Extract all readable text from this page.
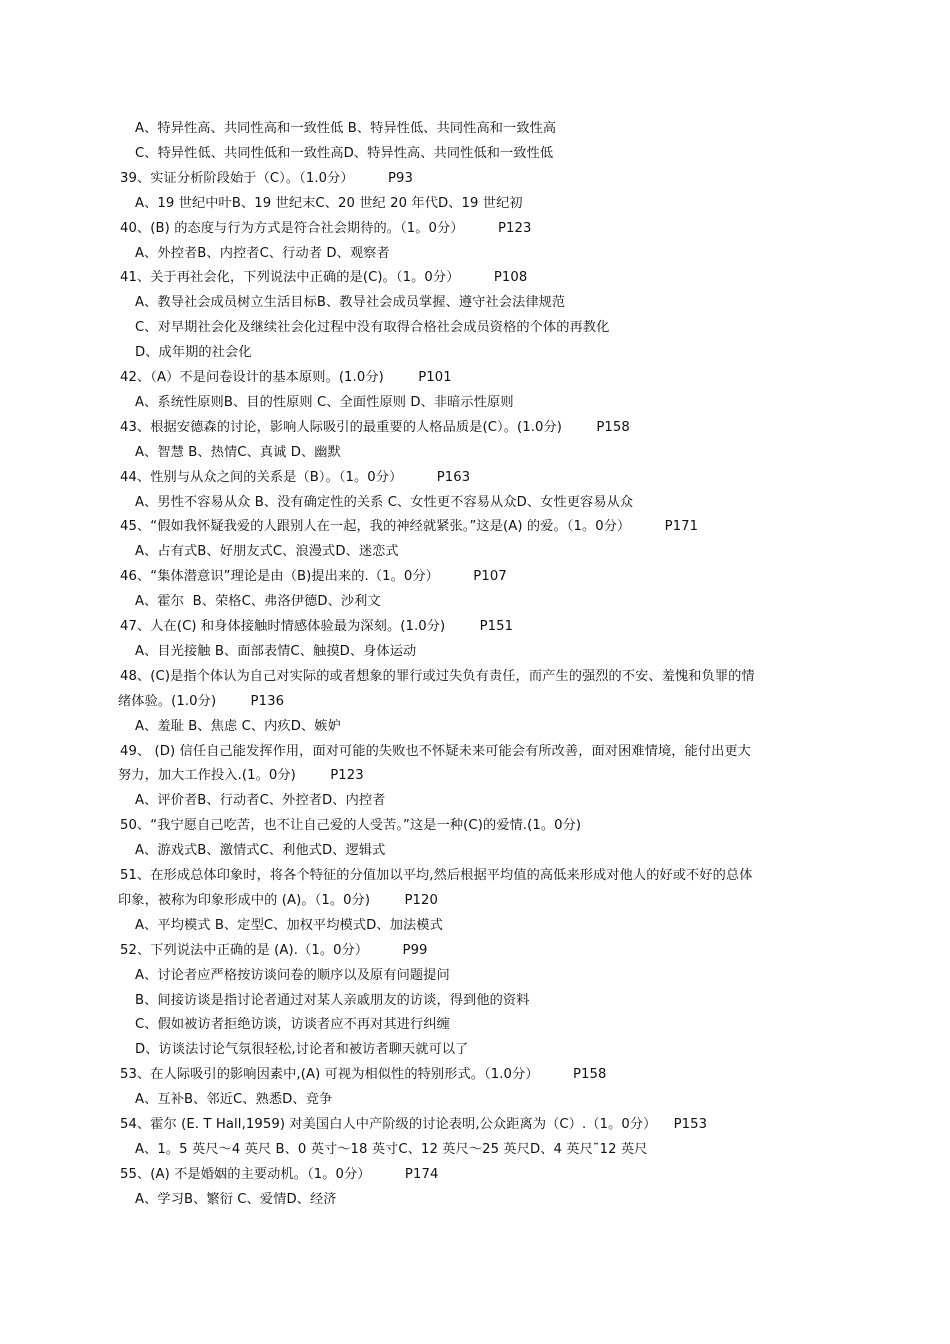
A、特异性高、共同性高和一致性低 B、特异性低、共同性高和一致性高
C、特异性低、共同性低和一致性高D、特异性高、共同性低和一致性低
39、实证分析阶段始于（C）。（1.0分）        P93
A、19 世纪中叶B、19 世纪末C、20 世纪 20 年代D、19 世纪初
40、(B) 的态度与行为方式是符合社会期待的。（1。0分）        P123
A、外控者B、内控者C、行动者 D、观察者
41、关于再社会化，下列说法中正确的是(C)。（1。0分）        P108
A、教导社会成员树立生活目标B、教导社会成员掌握、遵守社会法律规范
C、对早期社会化及继续社会化过程中没有取得合格社会成员资格的个体的再教化
D、成年期的社会化
42、（A）不是问卷设计的基本原则。(1.0分)        P101
A、系统性原则B、目的性原则 C、全面性原则 D、非暗示性原则
43、根据安德森的讨论，影响人际吸引的最重要的人格品质是(C）。(1.0分)        P158
A、智慧 B、热情C、真诚 D、幽默
44、性别与从众之间的关系是（B）。（1。0分）        P163
A、男性不容易从众 B、没有确定性的关系 C、女性更不容易从众D、女性更容易从众
45、“假如我怀疑我爱的人跟别人在一起，我的神经就紧张。”这是(A) 的爱。（1。0分）        P171
A、占有式B、好朋友式C、浪漫式D、迷恋式
46、“集体潜意识”理论是由（B)提出来的.（1。0分）        P107
A、霍尔  B、荣格C、弗洛伊德D、沙利文
47、人在(C) 和身体接触时情感体验最为深刻。(1.0分)        P151
A、目光接触 B、面部表情C、触摸D、身体运动
48、(C)是指个体认为自己对实际的或者想象的罪行或过失负有责任，而产生的强烈的不安、羞愧和负罪的情
绪体验。(1.0分)        P136
A、羞耻 B、焦虑 C、内疚D、嫉妒
49、 (D) 信任自己能发挥作用，面对可能的失败也不怀疑未来可能会有所改善，面对困难情境，能付出更大
努力，加大工作投入.(1。0分)        P123
A、评价者B、行动者C、外控者D、内控者
50、“我宁愿自己吃苦，也不让自己爱的人受苦。”这是一种(C)的爱情.(1。0分)
A、游戏式B、激情式C、利他式D、逻辑式
51、在形成总体印象时，将各个特征的分值加以平均,然后根据平均值的高低来形成对他人的好或不好的总体
印象，被称为印象形成中的 (A)。（1。0分)        P120
A、平均模式 B、定型C、加权平均模式D、加法模式
52、下列说法中正确的是 (A).（1。0分）        P99
A、讨论者应严格按访谈问卷的顺序以及原有问题提问
B、间接访谈是指讨论者通过对某人亲戚朋友的访谈，得到他的资料
C、假如被访者拒绝访谈，访谈者应不再对其进行纠缠
D、访谈法讨论气氛很轻松,讨论者和被访者聊天就可以了
53、在人际吸引的影响因素中,(A) 可视为相似性的特别形式。（1.0分）        P158
A、互补B、邻近C、熟悉D、竞争
54、霍尔 (E. T Hall,1959) 对美国白人中产阶级的讨论表明,公众距离为（C）.（1。0分）    P153
A、1。5 英尺～4 英尺 B、0 英寸～18 英寸C、12 英尺～25 英尺D、4 英尺˜12 英尺
55、(A) 不是婚姻的主要动机。（1。0分）        P174
A、学习B、繁衍 C、爱情D、经济
